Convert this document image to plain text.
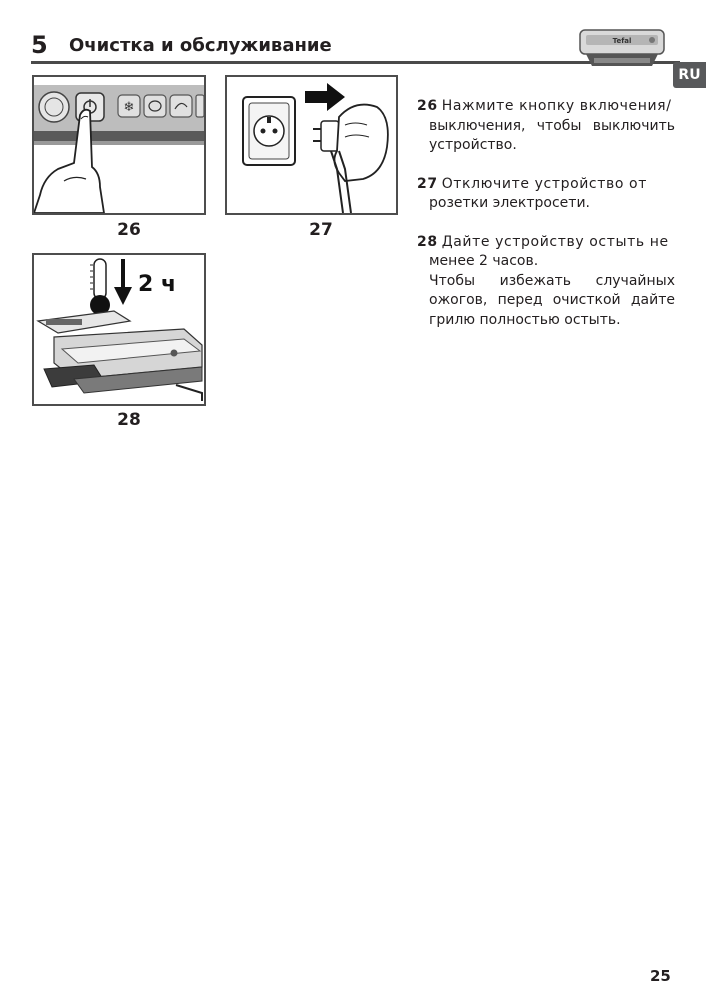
5 Очистка и обслуживание
RU
Tefal
❄
26	27
2 ч
28

26 Нажмите кнопку включения/
выключения, чтобы выключить устройство.

27 Отключите устройство от
розетки электросети.

28 Дайте устройству остыть не
менее 2 часов.
Чтобы избежать случайных ожогов, перед очисткой дайте грилю полностью остыть.

25
